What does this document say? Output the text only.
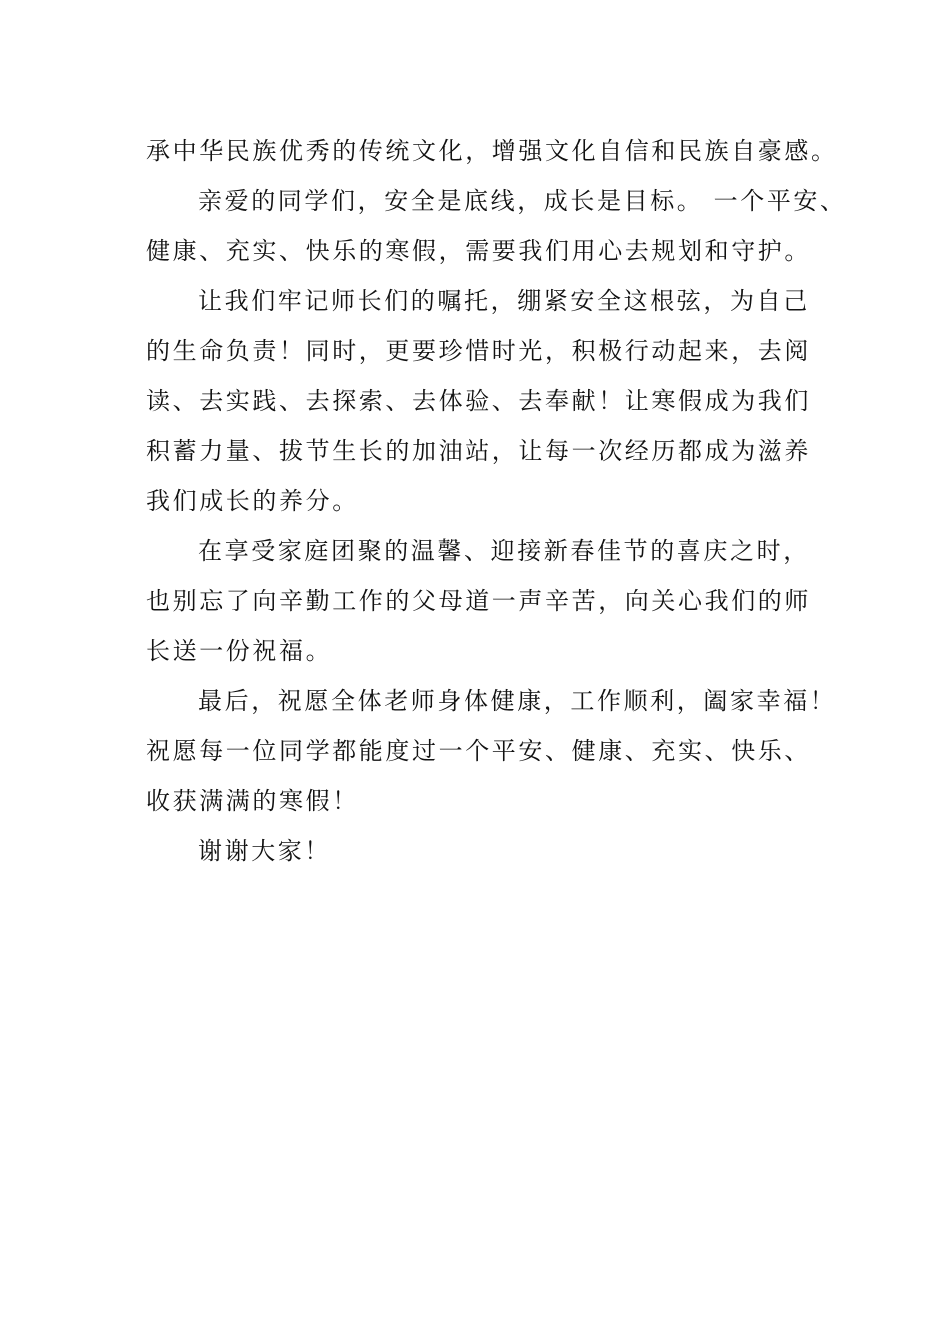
承中华民族优秀的传统文化，增强文化自信和民族自豪感。
亲爱的同学们，安全是底线，成长是目标。 一个平安、
健康、充实、快乐的寒假，需要我们用心去规划和守护。
让我们牢记师长们的嘱托，绷紧安全这根弦，为自己
的生命负责！同时，更要珍惜时光，积极行动起来，去阅
读、去实践、去探索、去体验、去奉献！让寒假成为我们
积蓄力量、拔节生长的加油站，让每一次经历都成为滋养
我们成长的养分。
在享受家庭团聚的温馨、迎接新春佳节的喜庆之时，
也别忘了向辛勤工作的父母道一声辛苦，向关心我们的师
长送一份祝福。
最后，祝愿全体老师身体健康，工作顺利，阖家幸福！
祝愿每一位同学都能度过一个平安、健康、充实、快乐、
收获满满的寒假！
谢谢大家！
